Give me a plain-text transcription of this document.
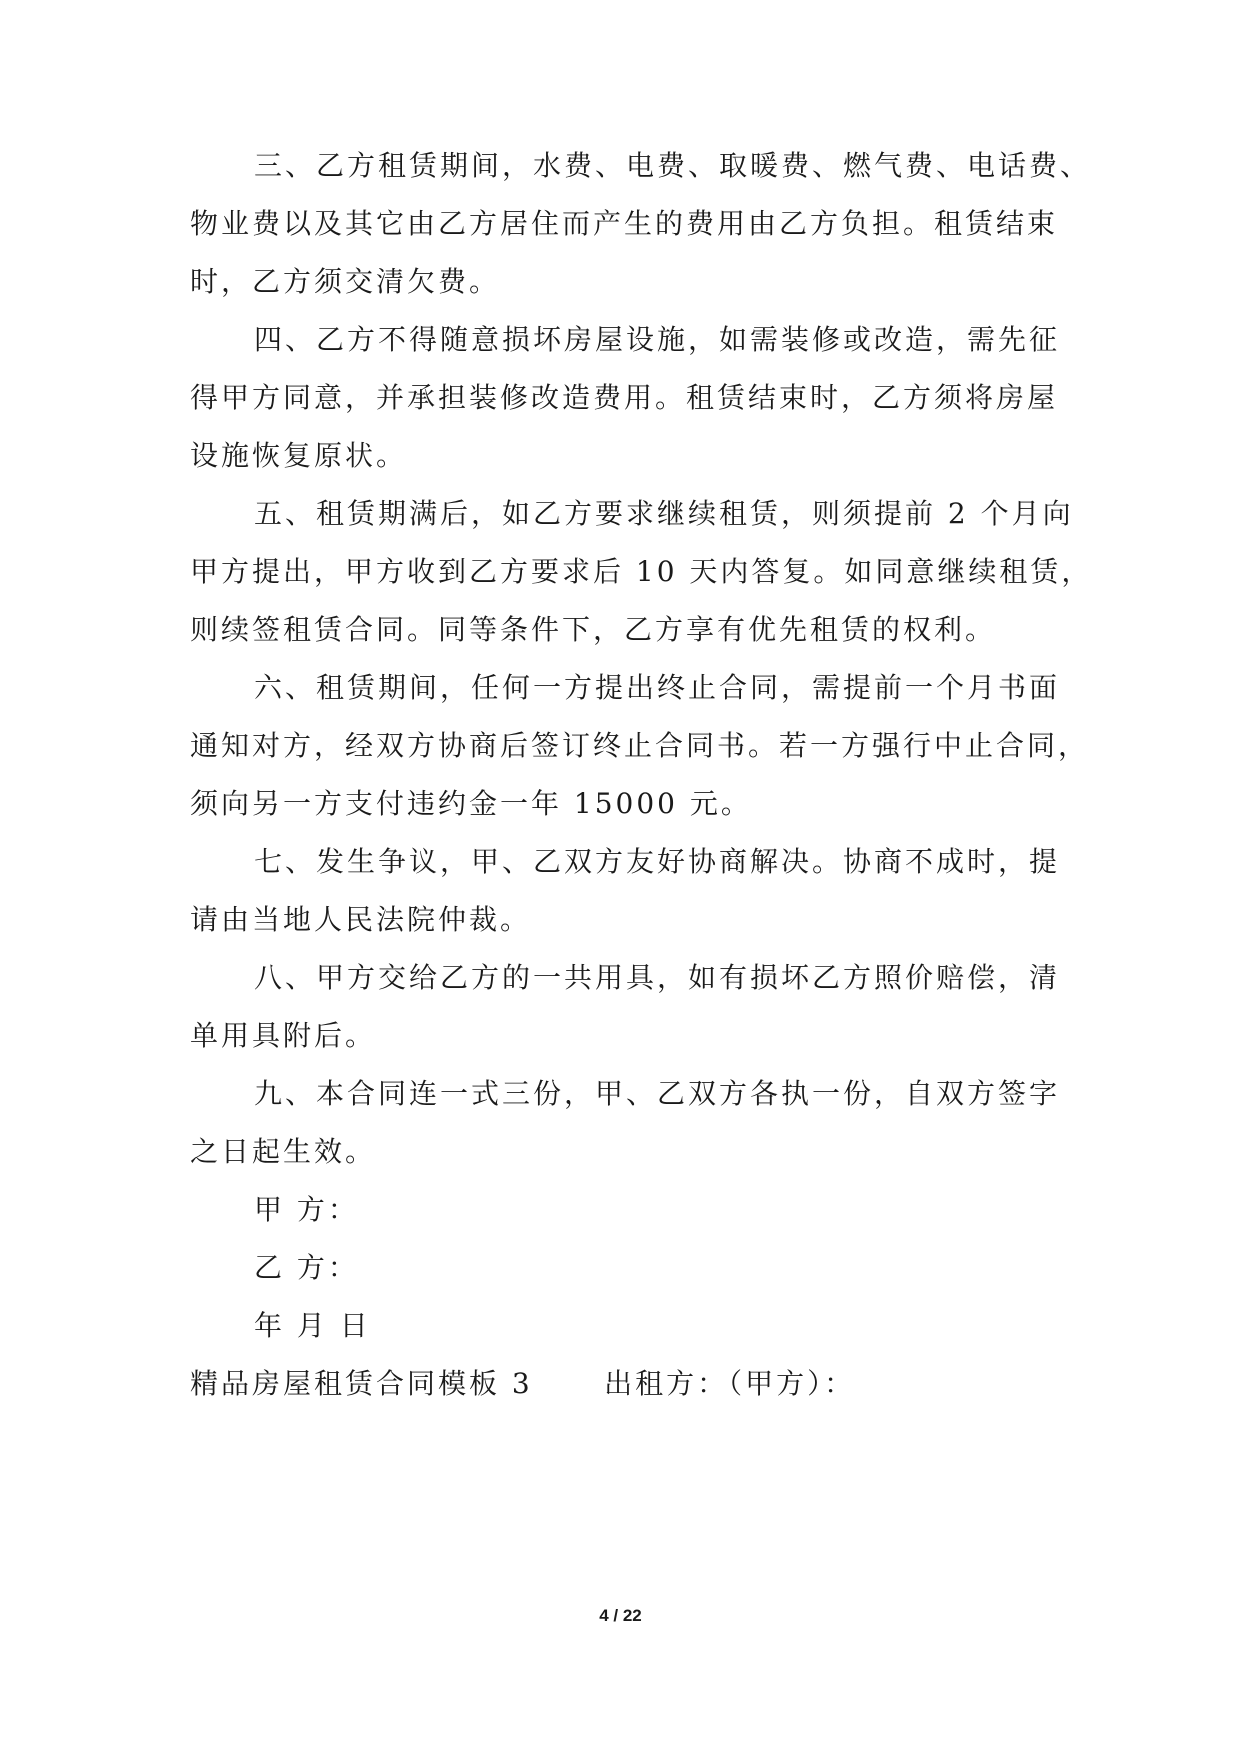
三、乙方租赁期间，水费、电费、取暖费、燃气费、电话费、
物业费以及其它由乙方居住而产生的费用由乙方负担。租赁结束
时，乙方须交清欠费。
四、乙方不得随意损坏房屋设施，如需装修或改造，需先征
得甲方同意，并承担装修改造费用。租赁结束时，乙方须将房屋
设施恢复原状。
五、租赁期满后，如乙方要求继续租赁，则须提前 2 个月向
甲方提出，甲方收到乙方要求后 10 天内答复。如同意继续租赁，
则续签租赁合同。同等条件下，乙方享有优先租赁的权利。
六、租赁期间，任何一方提出终止合同，需提前一个月书面
通知对方，经双方协商后签订终止合同书。若一方强行中止合同，
须向另一方支付违约金一年 15000 元。
七、发生争议，甲、乙双方友好协商解决。协商不成时，提
请由当地人民法院仲裁。
八、甲方交给乙方的一共用具，如有损坏乙方照价赔偿，清
单用具附后。
九、本合同连一式三份，甲、乙双方各执一份，自双方签字
之日起生效。
甲 方：
乙 方：
年 月 日
精品房屋租赁合同模板 3      出租方：（甲方）：
4 / 22
